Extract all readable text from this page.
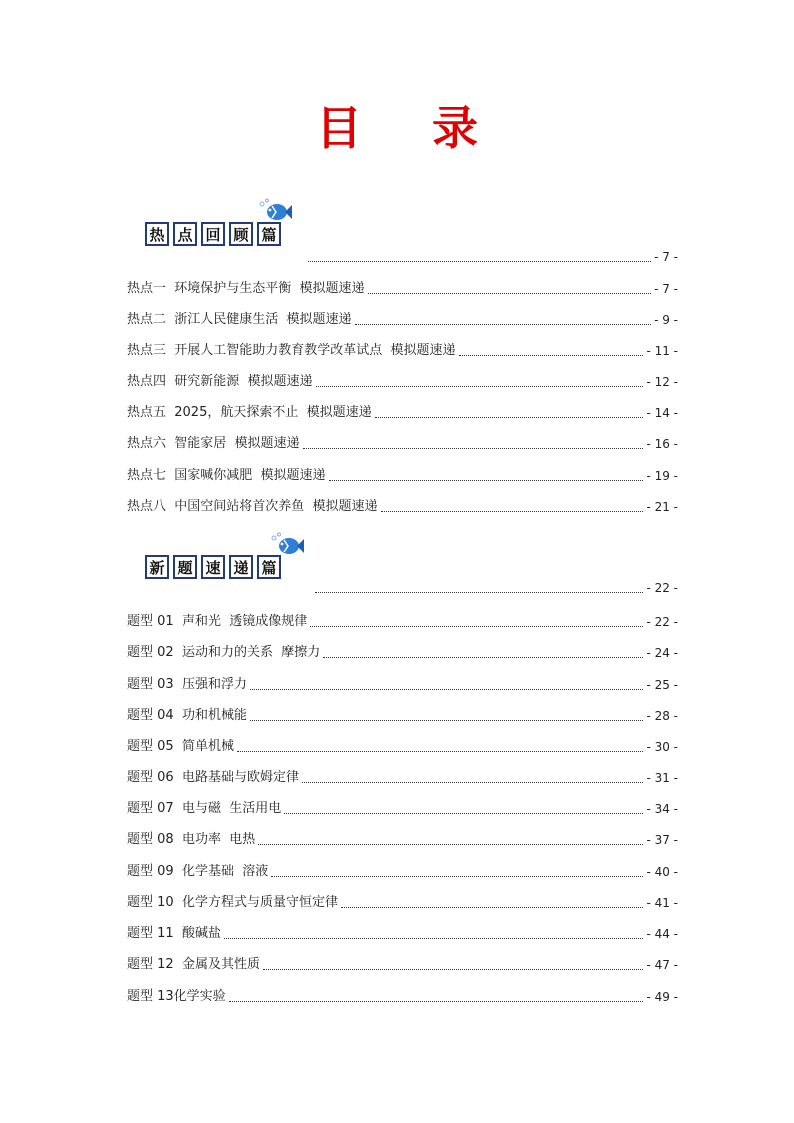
目录
热 点 回 顾 篇
- 7 -
热点一  环境保护与生态平衡  模拟题速递	- 7 -
热点二  浙江人民健康生活  模拟题速递	- 9 -
热点三  开展人工智能助力教育教学改革试点  模拟题速递	- 11 -
热点四  研究新能源  模拟题速递	- 12 -
热点五  2025，航天探索不止  模拟题速递	- 14 -
热点六  智能家居  模拟题速递	- 16 -
热点七  国家喊你减肥  模拟题速递	- 19 -
热点八  中国空间站将首次养鱼  模拟题速递	- 21 -
新 题 速 递 篇
- 22 -
题型 01  声和光  透镜成像规律	- 22 -
题型 02  运动和力的关系  摩擦力	- 24 -
题型 03  压强和浮力	- 25 -
题型 04  功和机械能	- 28 -
题型 05  简单机械	- 30 -
题型 06  电路基础与欧姆定律	- 31 -
题型 07  电与磁  生活用电	- 34 -
题型 08  电功率  电热	- 37 -
题型 09  化学基础  溶液	- 40 -
题型 10  化学方程式与质量守恒定律	- 41 -
题型 11  酸碱盐	- 44 -
题型 12  金属及其性质	- 47 -
题型 13化学实验	- 49 -
